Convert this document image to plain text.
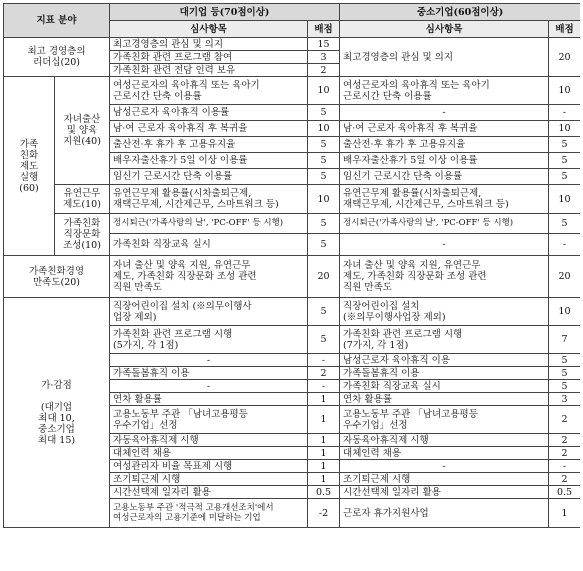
지표 분야		대기업 등(70점이상)		중소기업(60점이상)	
		심사항목	배점	심사항목	배점
최고 경영층의
리더십(20)		최고경영층의 관심 및 의지	15	최고경영층의 관심 및 의지	20
		가족친화 관련 프로그램 참여	3		
		가족친화 관련 전담 인력 보유	2		
가족
친화
제도
실행
(60)	자녀출산
및 양육
지원(40)	여성근로자의 육아휴직 또는 육아기
근로시간 단축 이용률	10	여성근로자의 육아휴직 또는 육아기
근로시간 단축 이용률	10
		남성근로자 육아휴직 이용률	5	-	-
		남·여 근로자 육아휴직 후 복귀율	10	남·여 근로자 육아휴직 후 복귀율	10
		출산전·후 휴가 후 고용유지율	5	출산전·후 휴가 후 고용유지율	5
		배우자출산휴가 5일 이상 이용률	5	배우자출산휴가 5일 이상 이용률	5
		임신기 근로시간 단축 이용률	5	임신기 근로시간 단축 이용률	5
	유연근무
제도(10)	유연근무제 활용률(시차출퇴근제,
재택근무제, 시간제근무, 스마트워크 등)	10	유연근무제 활용률(시차출퇴근제,
재택근무제, 시간제근무, 스마트워크 등)	10
	가족친화
직장문화
조성(10)	정시퇴근('가족사랑의 날', 'PC-OFF' 등 시행)	5	정시퇴근('가족사랑의 날', 'PC-OFF' 등 시행)	5
		가족친화 직장교육 실시	5	-	-
가족친화경영
만족도(20)		자녀 출산 및 양육 지원, 유연근무
제도, 가족친화 직장문화 조성 관련
직원 만족도	20	자녀 출산 및 양육 지원, 유연근무
제도, 가족친화 직장문화 조성 관련
직원 만족도	20
가·감점

(대기업
최대 10,
중소기업
최대 15)		직장어린이집 설치 (※의무이행사
업장 제외)	5	직장어린이집 설치
(※의무이행사업장 제외)	10
		가족친화 관련 프로그램 시행
(5가지, 각 1점)	5	가족친화 관련 프로그램 시행
(7가지, 각 1점)	7
		-	-	남성근로자 육아휴직 이용	5
		가족돌봄휴직 이용	2	가족돌봄휴직 이용	5
		-	-	가족친화 직장교육 실시	5
		연차 활용률	1	연차 활용률	3
		고용노동부 주관 「남녀고용평등
우수기업」선정	1	고용노동부 주관 「남녀고용평등
우수기업」선정	2
		자동육아휴직제 시행	1	자동육아휴직제 시행	2
		대체인력 채용	1	대체인력 채용	2
		여성관리자 비율 목표제 시행	1	-	-
		조기퇴근제 시행	1	조기퇴근제 시행	2
		시간선택제 일자리 활용	0.5	시간선택제 일자리 활용	0.5
		고용노동부 주관 '적극적 고용개선조치'에서
여성근로자의 고용기준에 미달하는 기업	-2	근로자 휴가지원사업	1
